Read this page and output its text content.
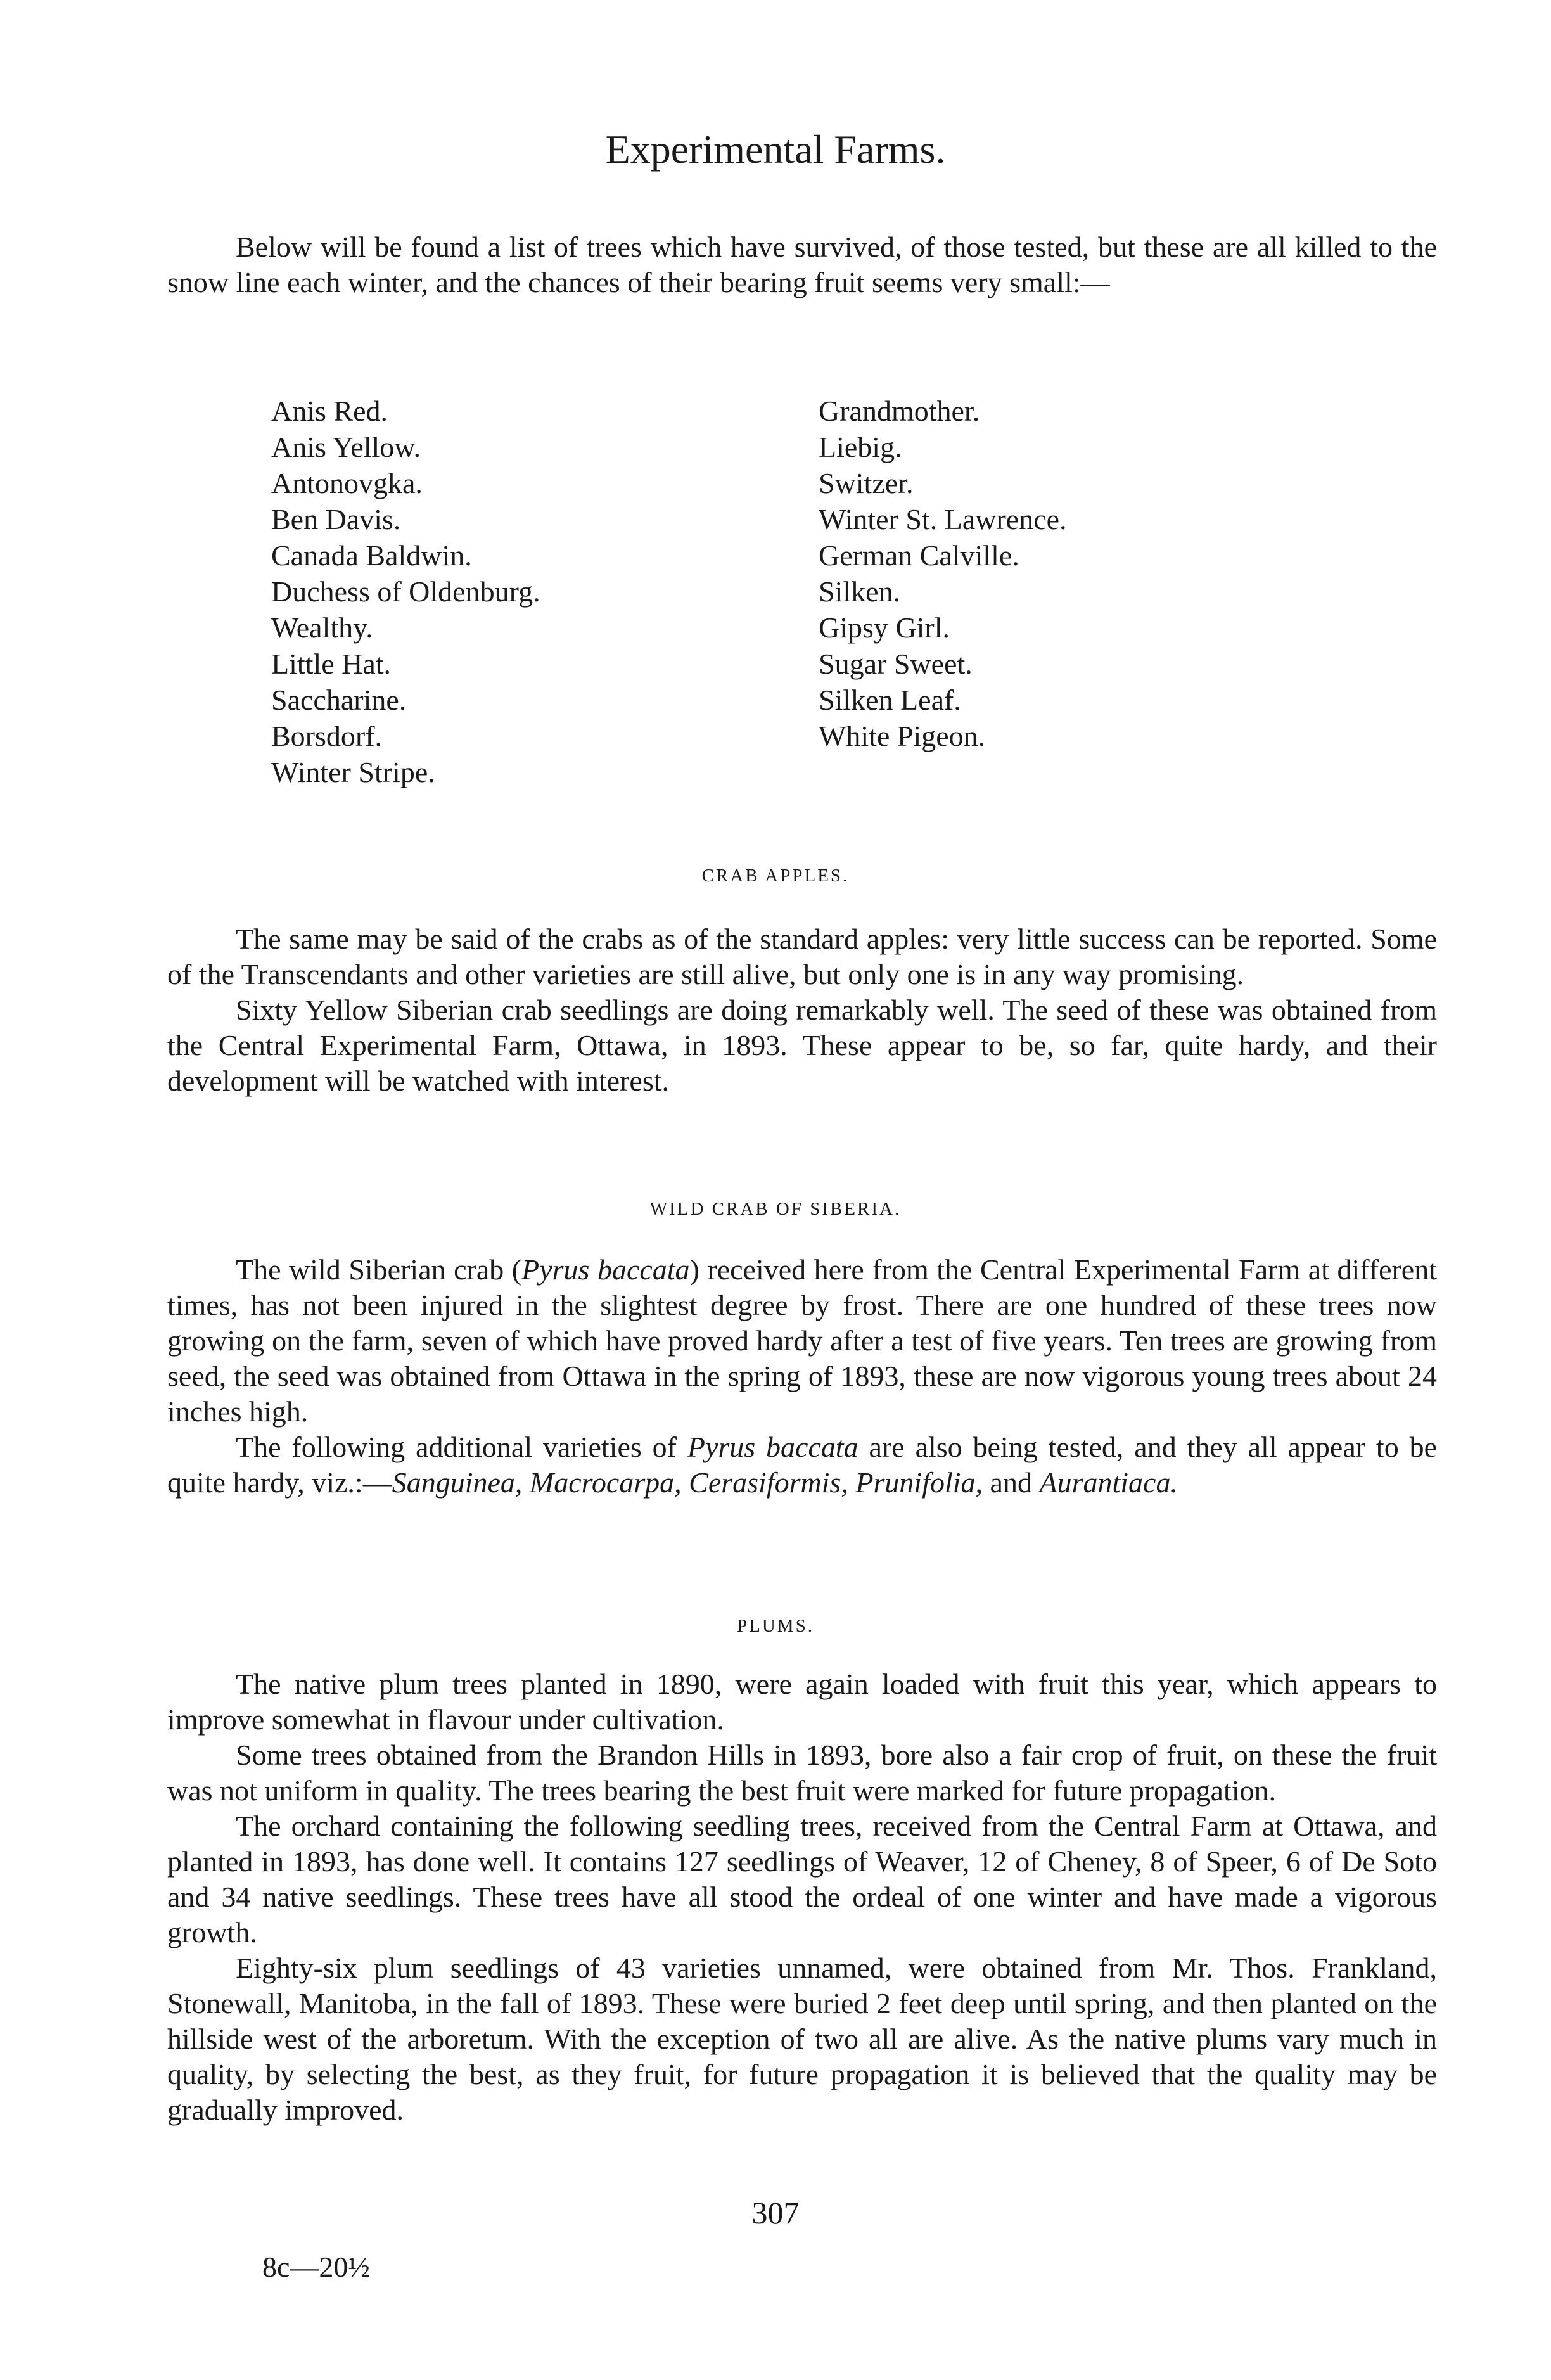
Experimental Farms.

Below will be found a list of trees which have survived, of those tested, but these are all killed to the snow line each winter, and the chances of their bearing fruit seems very small:—

Anis Red.
Anis Yellow.
Antonovgka.
Ben Davis.
Canada Baldwin.
Duchess of Oldenburg.
Wealthy.
Little Hat.
Saccharine.
Borsdorf.
Winter Stripe.
Grandmother.
Liebig.
Switzer.
Winter St. Lawrence.
German Calville.
Silken.
Gipsy Girl.
Sugar Sweet.
Silken Leaf.
White Pigeon.
CRAB APPLES.

The same may be said of the crabs as of the standard apples: very little success can be reported. Some of the Transcendants and other varieties are still alive, but only one is in any way promising.

Sixty Yellow Siberian crab seedlings are doing remarkably well. The seed of these was obtained from the Central Experimental Farm, Ottawa, in 1893. These appear to be, so far, quite hardy, and their development will be watched with interest.

WILD CRAB OF SIBERIA.

The wild Siberian crab (Pyrus baccata) received here from the Central Experimental Farm at different times, has not been injured in the slightest degree by frost. There are one hundred of these trees now growing on the farm, seven of which have proved hardy after a test of five years. Ten trees are growing from seed, the seed was obtained from Ottawa in the spring of 1893, these are now vigorous young trees about 24 inches high.

The following additional varieties of Pyrus baccata are also being tested, and they all appear to be quite hardy, viz.:—Sanguinea, Macrocarpa, Cerasiformis, Prunifolia, and Aurantiaca.

PLUMS.

The native plum trees planted in 1890, were again loaded with fruit this year, which appears to improve somewhat in flavour under cultivation.

Some trees obtained from the Brandon Hills in 1893, bore also a fair crop of fruit, on these the fruit was not uniform in quality. The trees bearing the best fruit were marked for future propagation.

The orchard containing the following seedling trees, received from the Central Farm at Ottawa, and planted in 1893, has done well. It contains 127 seedlings of Weaver, 12 of Cheney, 8 of Speer, 6 of De Soto and 34 native seedlings. These trees have all stood the ordeal of one winter and have made a vigorous growth.

Eighty-six plum seedlings of 43 varieties unnamed, were obtained from Mr. Thos. Frankland, Stonewall, Manitoba, in the fall of 1893. These were buried 2 feet deep until spring, and then planted on the hillside west of the arboretum. With the exception of two all are alive. As the native plums vary much in quality, by selecting the best, as they fruit, for future propagation it is believed that the quality may be gradually improved.

307
8c—20½
